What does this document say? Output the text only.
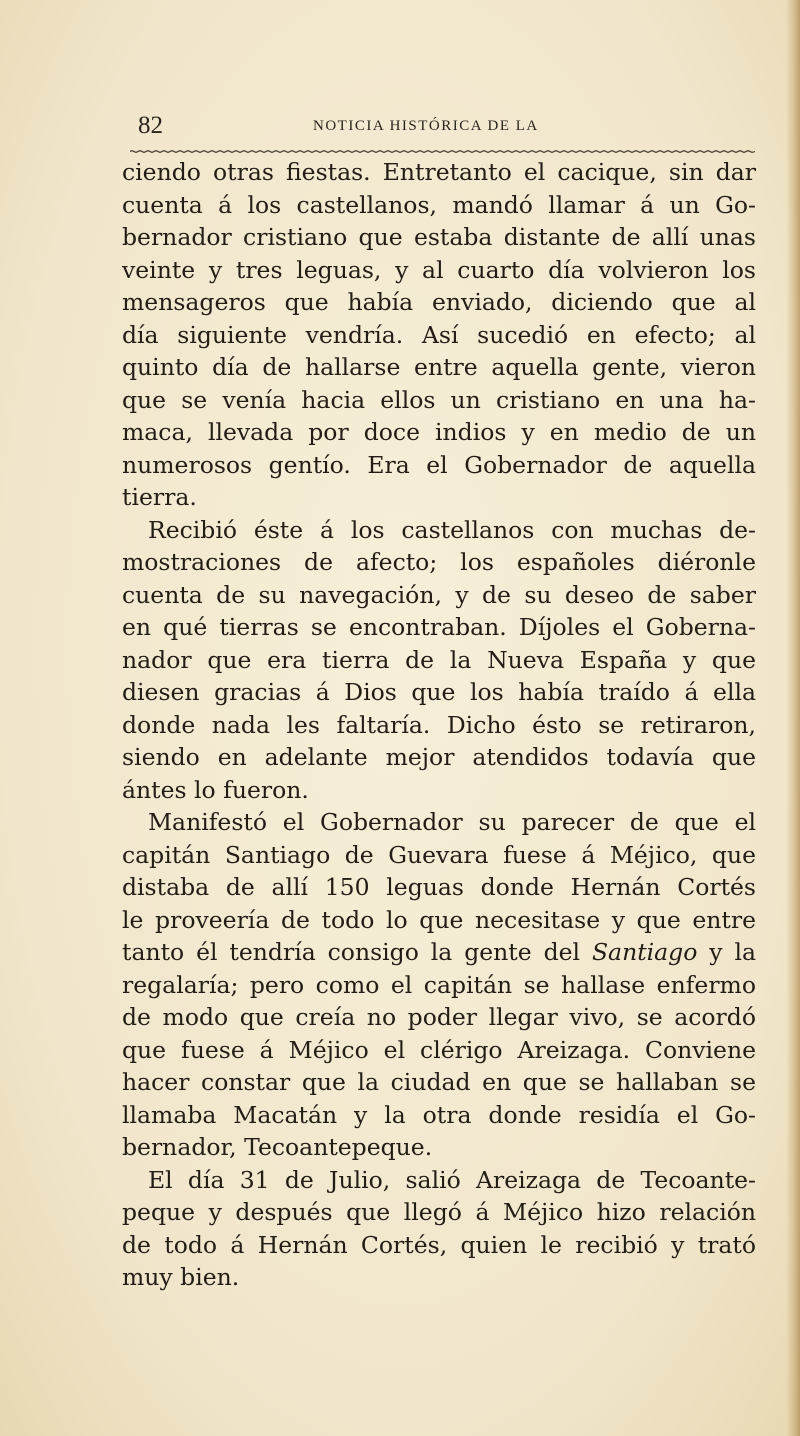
82	NOTICIA HISTÓRICA DE LA
ciendo otras fiestas. Entretanto el cacique, sin dar
cuenta á los castellanos, mandó llamar á un Go-
bernador cristiano que estaba distante de allí unas
veinte y tres leguas, y al cuarto día volvieron los
mensageros que había enviado, diciendo que al
día siguiente vendría. Así sucedió en efecto; al
quinto día de hallarse entre aquella gente, vieron
que se venía hacia ellos un cristiano en una ha-
maca, llevada por doce indios y en medio de un
numerosos gentío. Era el Gobernador de aquella
tierra.
Recibió éste á los castellanos con muchas de-
mostraciones de afecto; los españoles diéronle
cuenta de su navegación, y de su deseo de saber
en qué tierras se encontraban. Díjoles el Goberna-
nador que era tierra de la Nueva España y que
diesen gracias á Dios que los había traído á ella
donde nada les faltaría. Dicho ésto se retiraron,
siendo en adelante mejor atendidos todavía que
ántes lo fueron.
Manifestó el Gobernador su parecer de que el
capitán Santiago de Guevara fuese á Méjico, que
distaba de allí 150 leguas donde Hernán Cortés
le proveería de todo lo que necesitase y que entre
tanto él tendría consigo la gente del Santiago y la
regalaría; pero como el capitán se hallase enfermo
de modo que creía no poder llegar vivo, se acordó
que fuese á Méjico el clérigo Areizaga. Conviene
hacer constar que la ciudad en que se hallaban se
llamaba Macatán y la otra donde residía el Go-
bernador, Tecoantepeque.
El día 31 de Julio, salió Areizaga de Tecoante-
peque y después que llegó á Méjico hizo relación
de todo á Hernán Cortés, quien le recibió y trató
muy bien.
